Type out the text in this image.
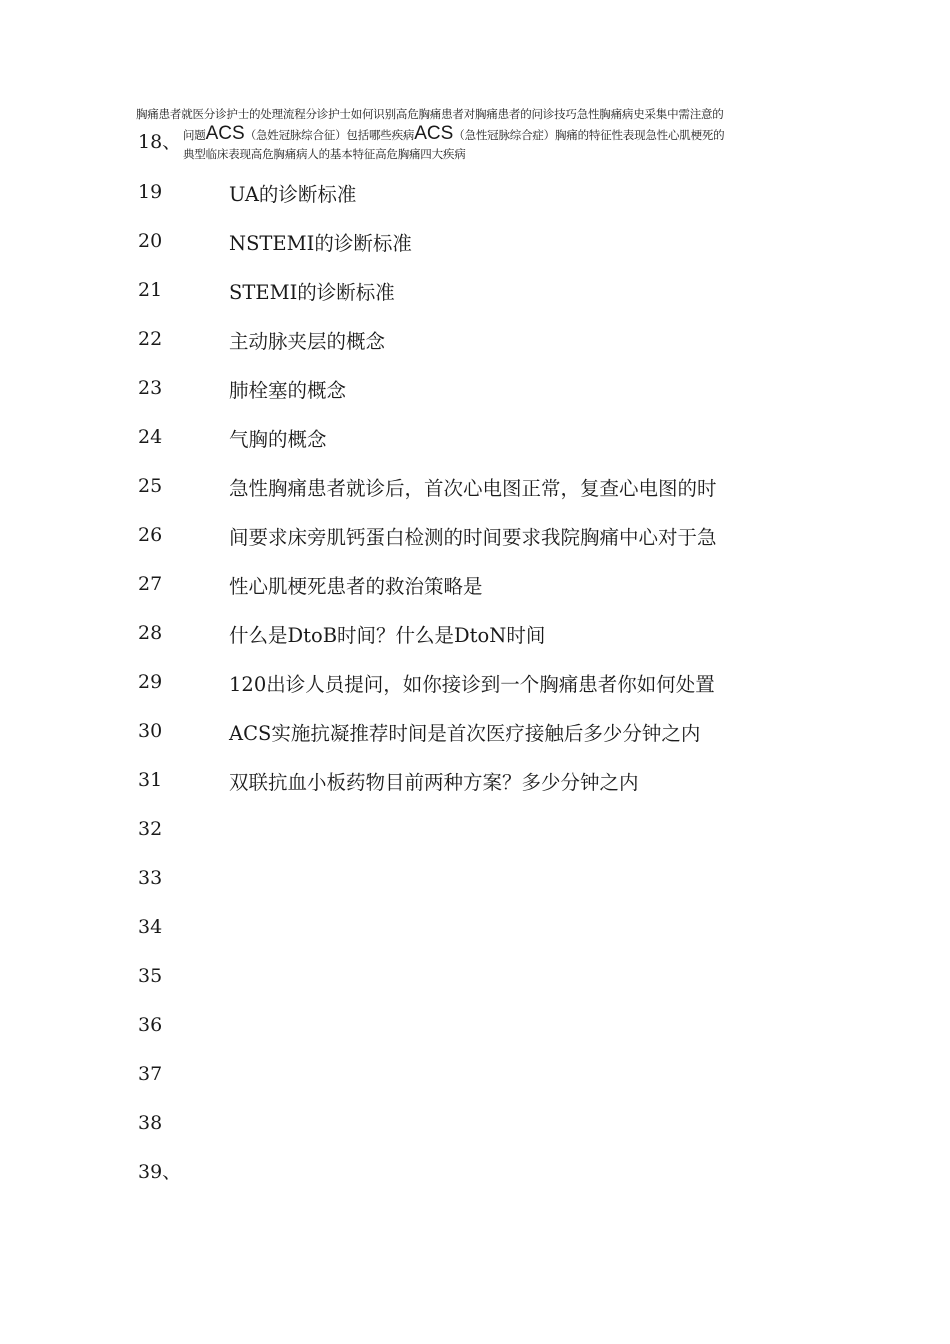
胸痛患者就医分诊护士的处理流程分诊护士如何识别高危胸痛患者对胸痛患者的问诊技巧急性胸痛病史采集中需注意的
18、 问题ACS（急姓冠脉综合征）包括哪些疾病ACS（急性冠脉综合症）胸痛的特征性表现急性心肌梗死的
典型临床表现高危胸痛病人的基本特征高危胸痛四大疾病
19	UA的诊断标准
20	NSTEMI的诊断标准
21	STEMI的诊断标准
22	主动脉夹层的概念
23	肺栓塞的概念
24	气胸的概念
25	急性胸痛患者就诊后，首次心电图正常，复查心电图的时
26	间要求床旁肌钙蛋白检测的时间要求我院胸痛中心对于急
27	性心肌梗死患者的救治策略是
28	什么是DtoB时间？什么是DtoN时间
29	120出诊人员提问，如你接诊到一个胸痛患者你如何处置
30	ACS实施抗凝推荐时间是首次医疗接触后多少分钟之内
31	双联抗血小板药物目前两种方案？多少分钟之内
32
33
34
35
36
37
38
39、
